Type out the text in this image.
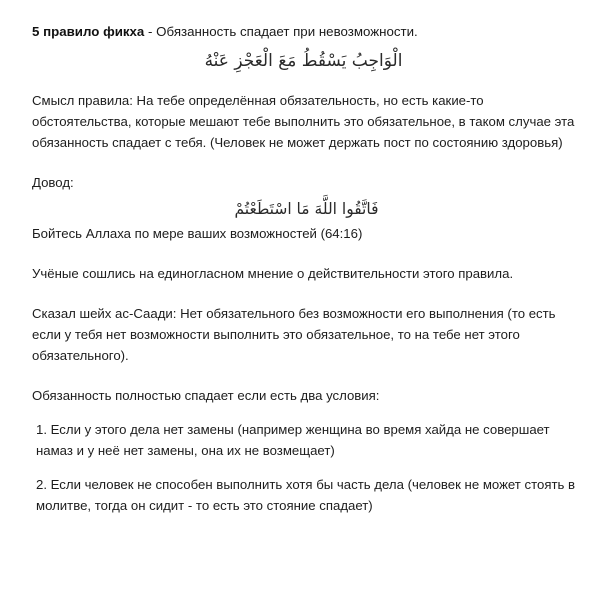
5 правило фикха - Обязанность спадает при невозможности.

الْوَاجِبُ يَسْقُطُ مَعَ الْعَجْزِ عَنْهُ

Смысл правила: На тебе определённая обязательность, но есть какие-то обстоятельства, которые мешают тебе выполнить это обязательное, в таком случае эта обязанность спадает с тебя. (Человек не может держать пост по состоянию здоровья)

Довод:

فَاتَّقُوا اللَّهَ مَا اسْتَطَعْتُمْ

Бойтесь Аллаха по мере ваших возможностей (64:16)

Учёные сошлись на единогласном мнение о действительности этого правила.

Сказал шейх ас-Саади: Нет обязательного без возможности его выполнения (то есть если у тебя нет возможности выполнить это обязательное, то на тебе нет этого обязательного).

Обязанность полностью спадает если есть два условия:

1. Если у этого дела нет замены (например женщина во время хайда не совершает намаз и у неё нет замены, она их не возмещает)

2. Если человек не способен выполнить хотя бы часть дела (человек не может стоять в молитве, тогда он сидит - то есть это стояние спадает)
